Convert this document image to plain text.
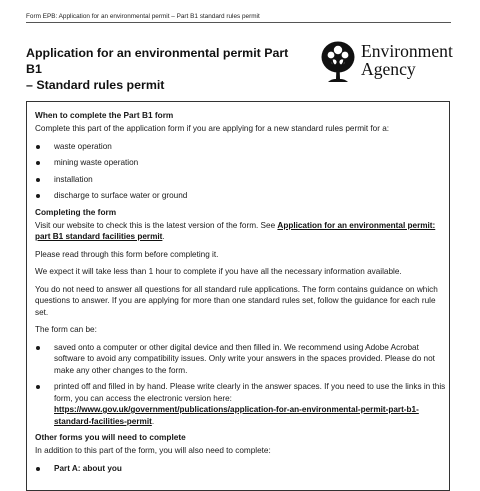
Form EPB: Application for an environmental permit – Part B1 standard rules permit
Application for an environmental permit Part B1
– Standard rules permit
Environment
Agency
When to complete the Part B1 form

Complete this part of the application form if you are applying for a new standard rules permit for a:

waste operation
mining waste operation
installation
discharge to surface water or ground
Completing the form

Visit our website to check this is the latest version of the form. See Application for an environmental permit: part B1 standard facilities permit.

Please read through this form before completing it.

We expect it will take less than 1 hour to complete if you have all the necessary information available.

You do not need to answer all questions for all standard rule applications. The form contains guidance on which questions to answer. If you are applying for more than one standard rules set, follow the guidance for each rule set.

The form can be:

saved onto a computer or other digital device and then filled in. We recommend using Adobe Acrobat software to avoid any compatibility issues. Only write your answers in the spaces provided. Please do not make any other changes to the form.
printed off and filled in by hand. Please write clearly in the answer spaces. If you need to use the links in this form, you can access the electronic version here: https://www.gov.uk/government/publications/application-for-an-environmental-permit-part-b1-standard-facilities-permit.
Other forms you will need to complete

In addition to this part of the form, you will also need to complete:

Part A: about you
